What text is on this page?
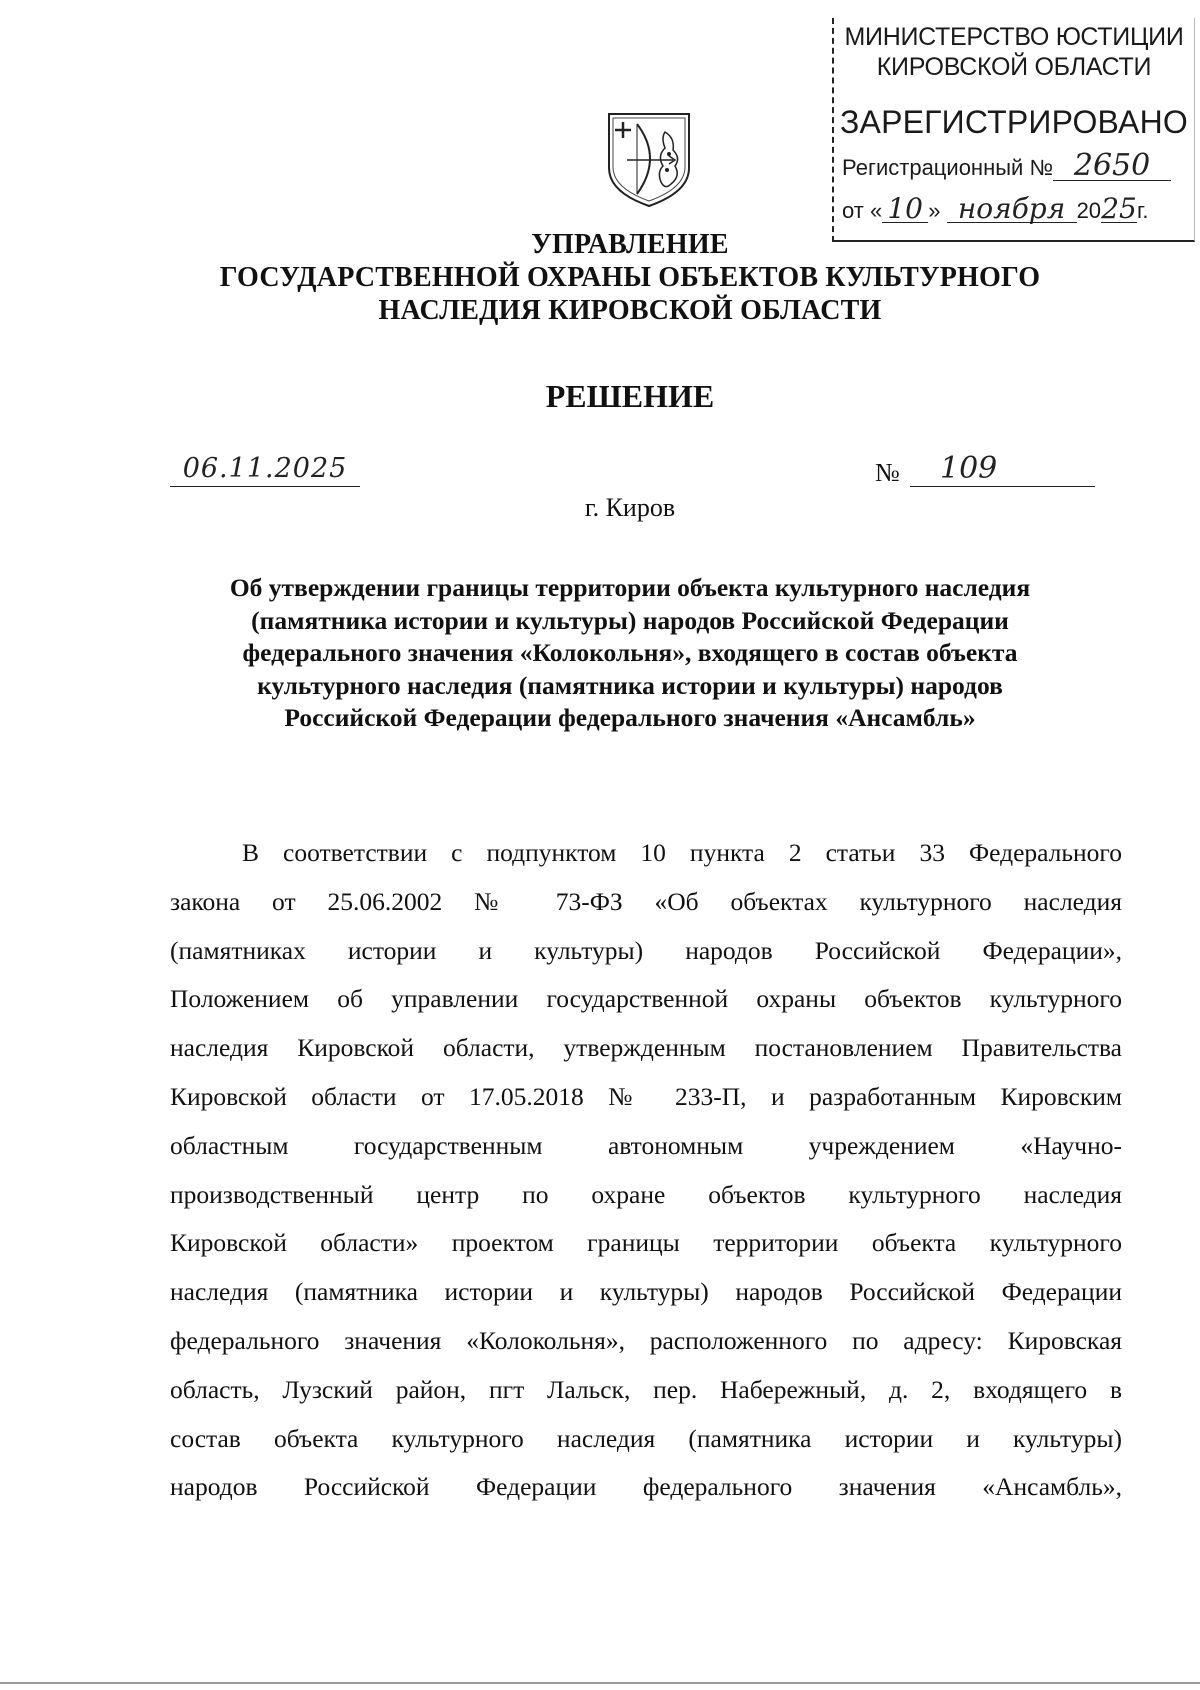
МИНИСТЕРСТВО ЮСТИЦИИ
КИРОВСКОЙ ОБЛАСТИ
ЗАРЕГИСТРИРОВАНО
Регистрационный № 2650
от « 10 » ноября 2025г.
УПРАВЛЕНИЕ
ГОСУДАРСТВЕННОЙ ОХРАНЫ ОБЪЕКТОВ КУЛЬТУРНОГО
НАСЛЕДИЯ КИРОВСКОЙ ОБЛАСТИ
РЕШЕНИЕ
06.11.2025	№	109
г. Киров
Об утверждении границы территории объекта культурного наследия
(памятника истории и культуры) народов Российской Федерации
федерального значения «Колокольня», входящего в состав объекта
культурного наследия (памятника истории и культуры) народов
Российской Федерации федерального значения «Ансамбль»
В соответствии с подпунктом 10 пункта 2 статьи 33 Федерального
закона от 25.06.2002 № 73-ФЗ «Об объектах культурного наследия
(памятниках истории и культуры) народов Российской Федерации»,
Положением об управлении государственной охраны объектов культурного
наследия Кировской области, утвержденным постановлением Правительства
Кировской области от 17.05.2018 № 233-П, и разработанным Кировским
областным государственным автономным учреждением «Научно-
производственный центр по охране объектов культурного наследия
Кировской области» проектом границы территории объекта культурного
наследия (памятника истории и культуры) народов Российской Федерации
федерального значения «Колокольня», расположенного по адресу: Кировская
область, Лузский район, пгт Лальск, пер. Набережный, д. 2, входящего в
состав объекта культурного наследия (памятника истории и культуры)
народов Российской Федерации федерального значения «Ансамбль»,
